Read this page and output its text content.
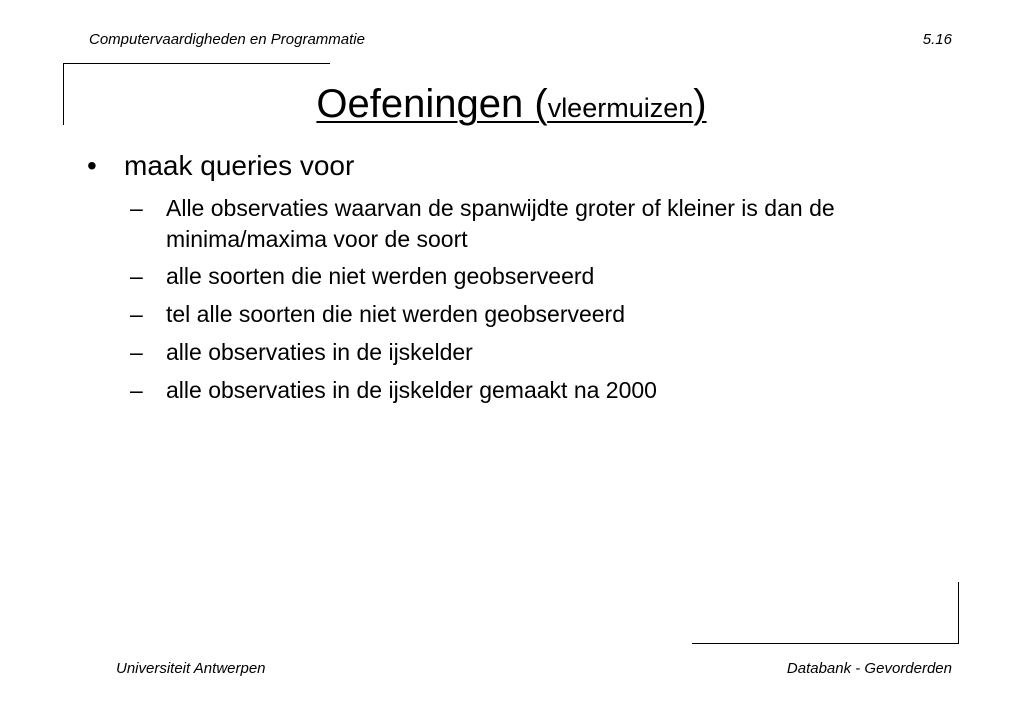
Computervaardigheden en Programmatie	5.16
Oefeningen (vleermuizen)
• maak queries voor
– Alle observaties waarvan de spanwijdte groter of kleiner is dan de minima/maxima voor de soort
– alle soorten die niet werden geobserveerd
– tel alle soorten die niet werden geobserveerd
– alle observaties in de ijskelder
– alle observaties in de ijskelder gemaakt na 2000
Universiteit Antwerpen	Databank - Gevorderden
